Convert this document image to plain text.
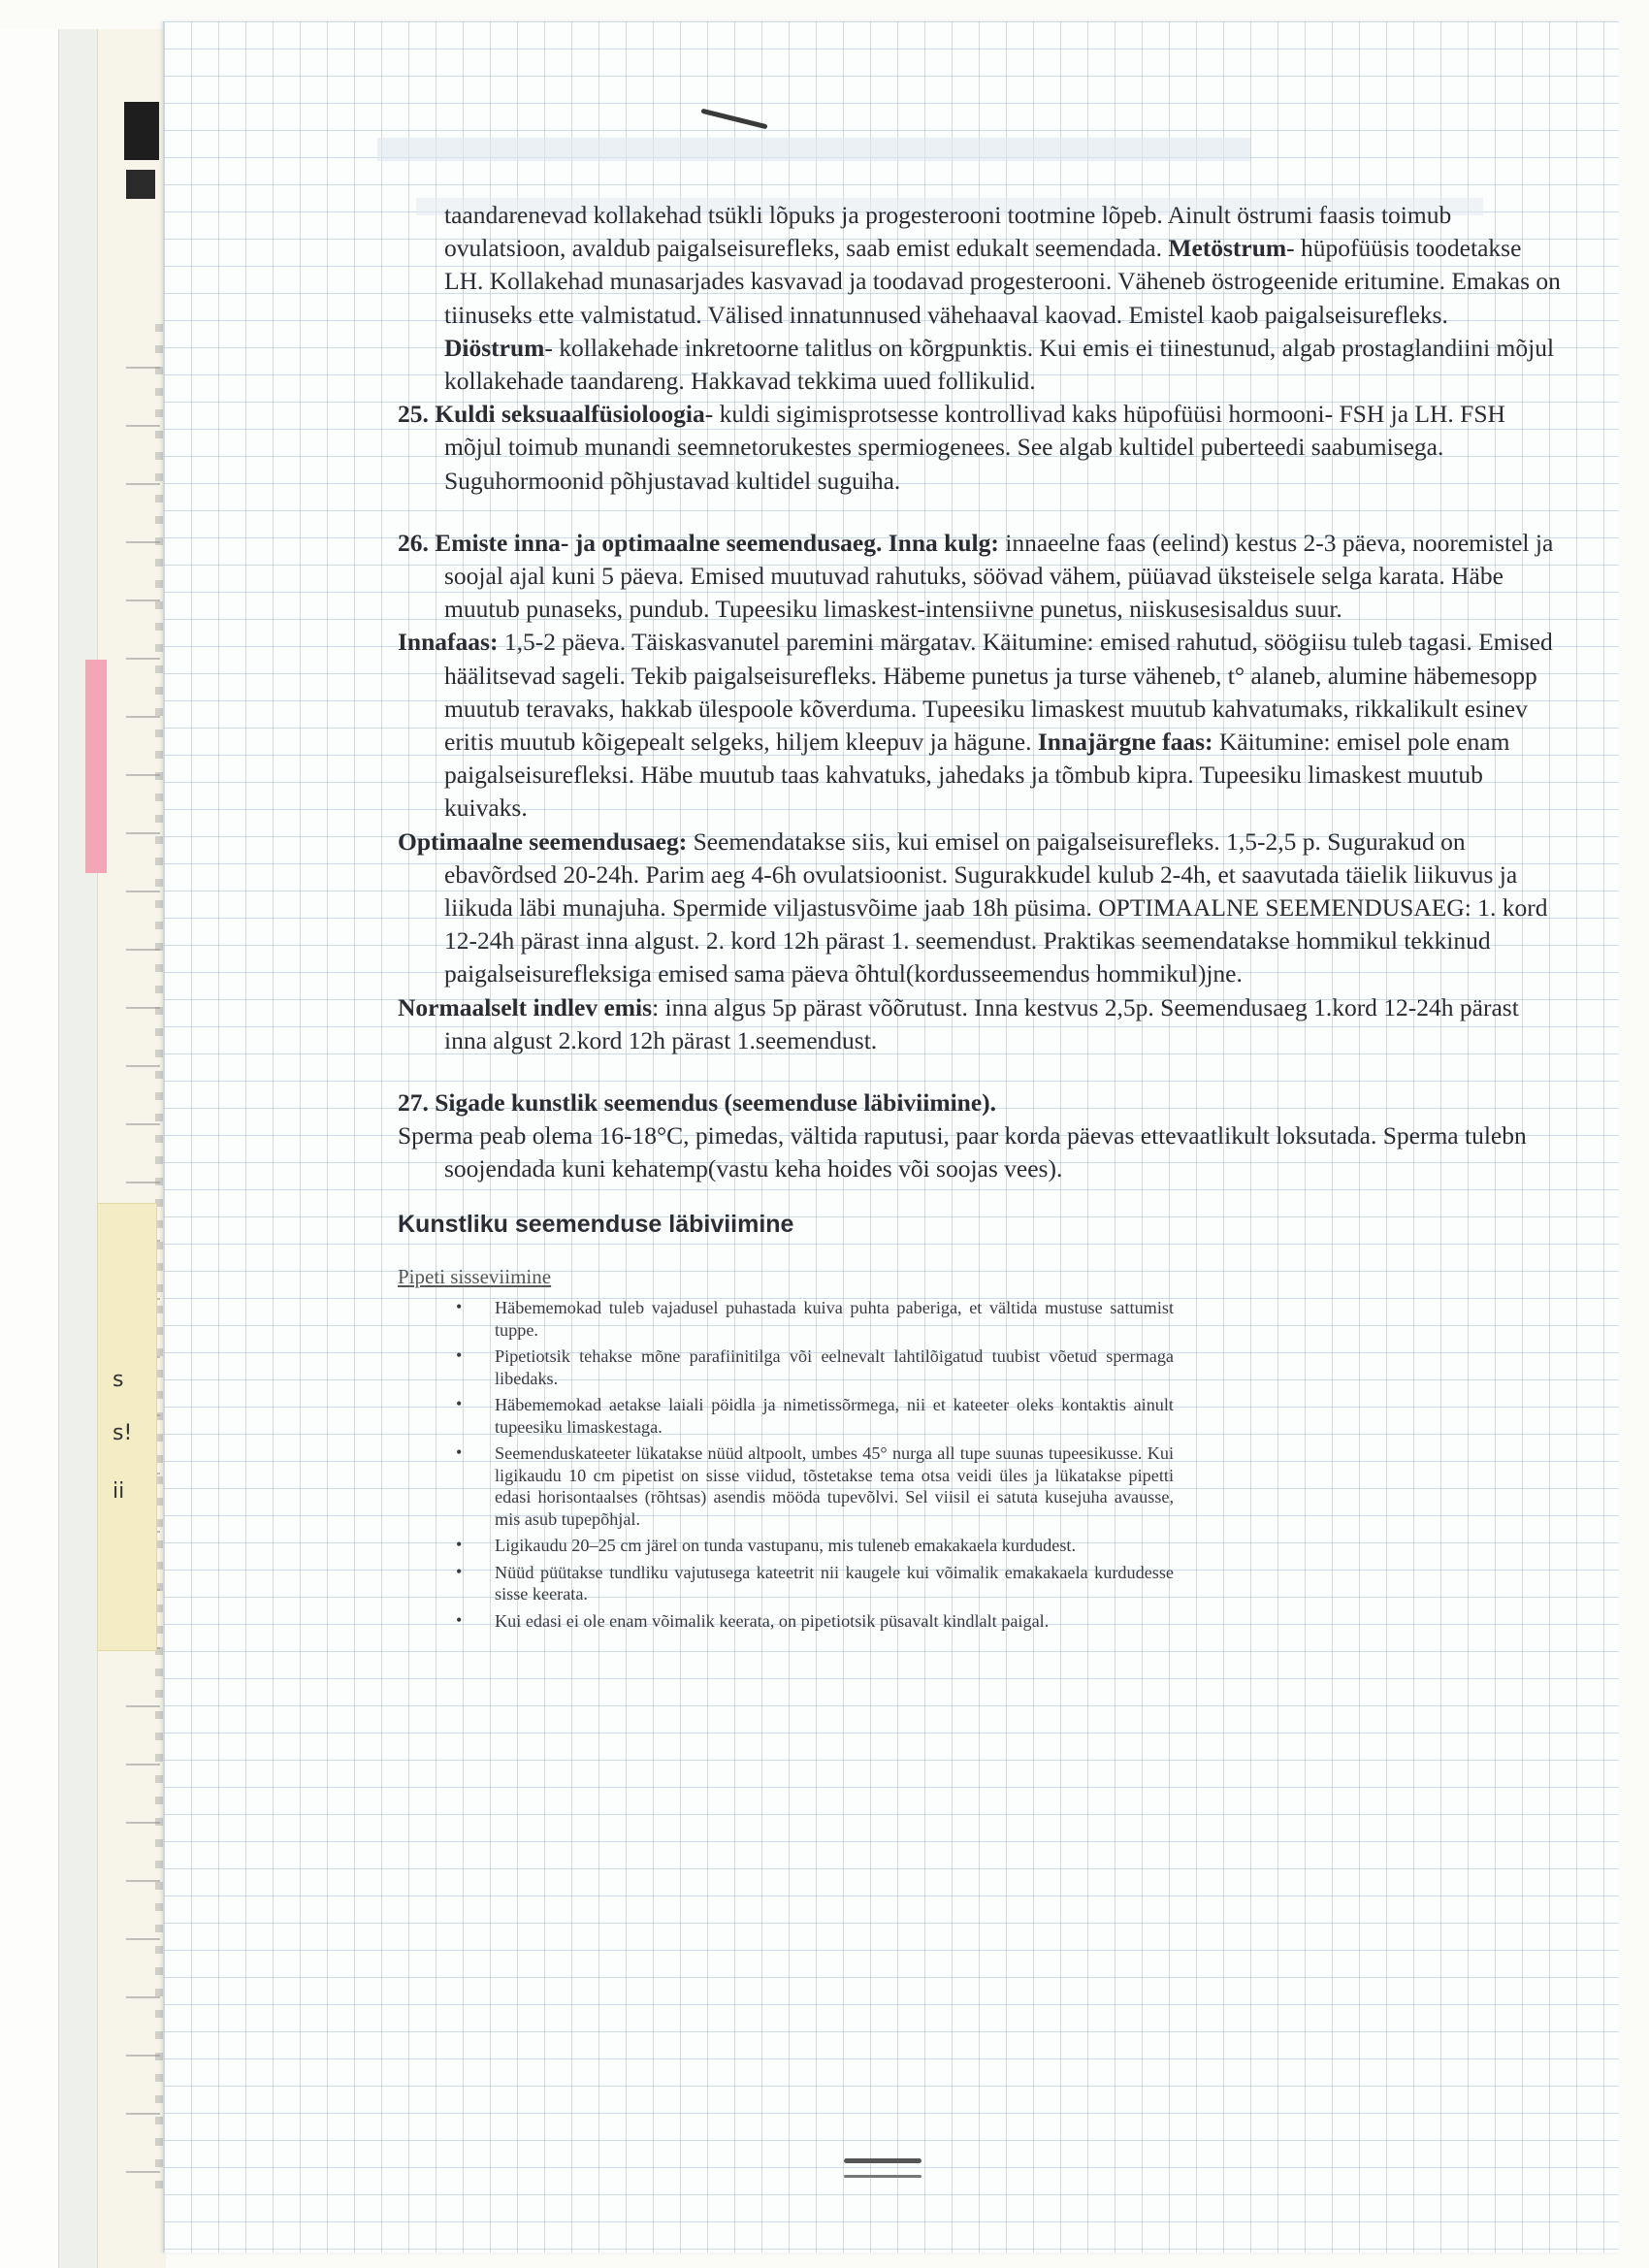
s
s!
ii
taandarenevad kollakehad tsükli lõpuks ja progesterooni tootmine lõpeb. Ainult östrumi faasis toimub ovulatsioon, avaldub paigalseisurefleks, saab emist edukalt seemendada. Metöstrum- hüpofüüsis toodetakse LH. Kollakehad munasarjades kasvavad ja toodavad progesterooni. Väheneb östrogeenide eritumine. Emakas on tiinuseks ette valmistatud. Välised innatunnused vähehaaval kaovad. Emistel kaob paigalseisurefleks. Diöstrum- kollakehade inkretoorne talitlus on kõrgpunktis. Kui emis ei tiinestunud, algab prostaglandiini mõjul kollakehade taandareng. Hakkavad tekkima uued follikulid.
25. Kuldi seksuaalfüsioloogia- kuldi sigimisprotsesse kontrollivad kaks hüpofüüsi hormooni- FSH ja LH. FSH mõjul toimub munandi seemnetorukestes spermiogenees. See algab kultidel puberteedi saabumisega. Suguhormoonid põhjustavad kultidel suguiha.
26. Emiste inna- ja optimaalne seemendusaeg. Inna kulg: innaeelne faas (eelind) kestus 2-3 päeva, nooremistel ja soojal ajal kuni 5 päeva. Emised muutuvad rahutuks, söövad vähem, püüavad üksteisele selga karata. Häbe muutub punaseks, pundub. Tupeesiku limaskest-intensiivne punetus, niiskusesisaldus suur.
Innafaas: 1,5-2 päeva. Täiskasvanutel paremini märgatav. Käitumine: emised rahutud, söögiisu tuleb tagasi. Emised häälitsevad sageli. Tekib paigalseisurefleks. Häbeme punetus ja turse väheneb, t° alaneb, alumine häbemesopp muutub teravaks, hakkab ülespoole kõverduma. Tupeesiku limaskest muutub kahvatumaks, rikkalikult esinev eritis muutub kõigepealt selgeks, hiljem kleepuv ja hägune. Innajärgne faas: Käitumine: emisel pole enam paigalseisurefleksi. Häbe muutub taas kahvatuks, jahedaks ja tõmbub kipra. Tupeesiku limaskest muutub kuivaks.
Optimaalne seemendusaeg: Seemendatakse siis, kui emisel on paigalseisurefleks. 1,5-2,5 p. Sugurakud on ebavõrdsed 20-24h. Parim aeg 4-6h ovulatsioonist. Sugurakkudel kulub 2-4h, et saavutada täielik liikuvus ja liikuda läbi munajuha. Spermide viljastusvõime jaab 18h püsima. OPTIMAALNE SEEMENDUSAEG: 1. kord 12-24h pärast inna algust. 2. kord 12h pärast 1. seemendust. Praktikas seemendatakse hommikul tekkinud paigalseisurefleksiga emised sama päeva õhtul(kordusseemendus hommikul)jne.
Normaalselt indlev emis: inna algus 5p pärast võõrutust. Inna kestvus 2,5p. Seemendusaeg 1.kord 12-24h pärast inna algust 2.kord 12h pärast 1.seemendust.
27. Sigade kunstlik seemendus (seemenduse läbiviimine).
Sperma peab olema 16-18°C, pimedas, vältida raputusi, paar korda päevas ettevaatlikult loksutada. Sperma tulebn soojendada kuni kehatemp(vastu keha hoides või soojas vees).
Kunstliku seemenduse läbiviimine
Pipeti sisseviimine
• Häbememokad tuleb vajadusel puhastada kuiva puhta paberiga, et vältida mustuse sattumist tuppe.
• Pipetiotsik tehakse mõne parafiinitilga või eelnevalt lahtilõigatud tuubist võetud spermaga libedaks.
• Häbememokad aetakse laiali pöidla ja nimetissõrmega, nii et kateeter oleks kontaktis ainult tupeesiku limaskestaga.
• Seemenduskateeter lükatakse nüüd altpoolt, umbes 45° nurga all tupe suunas tupeesikusse. Kui ligikaudu 10 cm pipetist on sisse viidud, tõstetakse tema otsa veidi üles ja lükatakse pipetti edasi horisontaalses (rõhtsas) asendis mööda tupevõlvi. Sel viisil ei satuta kusejuha avausse, mis asub tupepõhjal.
• Ligikaudu 20–25 cm järel on tunda vastupanu, mis tuleneb emakakaela kurdudest.
• Nüüd püütakse tundliku vajutusega kateetrit nii kaugele kui võimalik emakakaela kurdudesse sisse keerata.
• Kui edasi ei ole enam võimalik keerata, on pipetiotsik püsavalt kindlalt paigal.
